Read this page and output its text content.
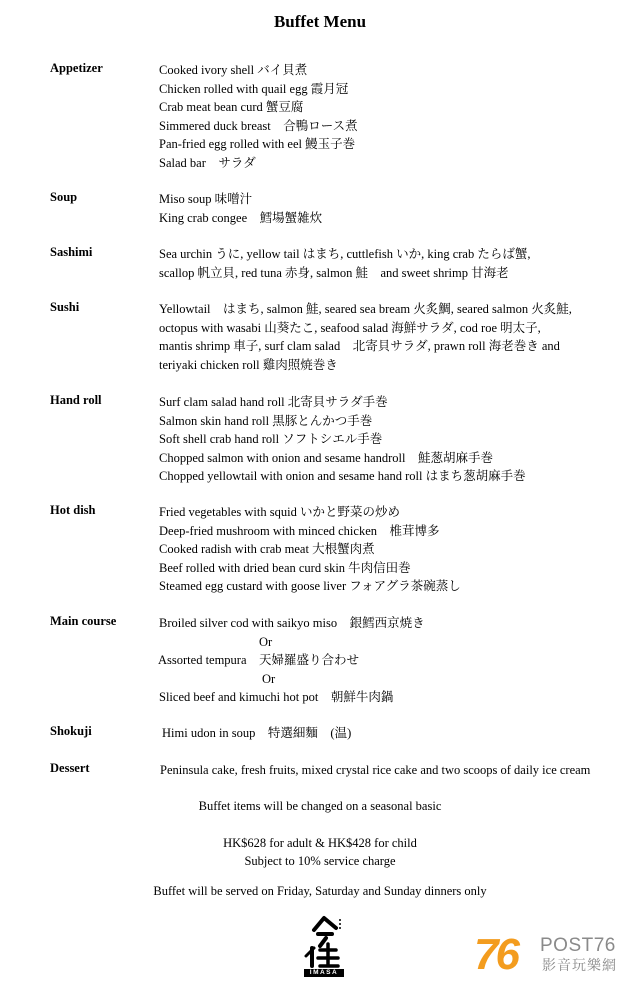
Buffet Menu
Appetizer	Cooked ivory shell バイ貝煮
Chicken rolled with quail egg 霞月冠
Crab meat bean curd 蟹豆腐
Simmered duck breast　合鴨ロース煮
Pan-fried egg rolled with eel 鰻玉子巻
Salad bar　サラダ
Soup	Miso soup 味噌汁
King crab congee　鱈場蟹雑炊
Sashimi	Sea urchin うに, yellow tail はまち, cuttlefish いか, king crab たらば蟹,
scallop 帆立貝, red tuna 赤身, salmon 鮭　and sweet shrimp 甘海老
Sushi	Yellowtail　はまち, salmon 鮭, seared sea bream 火炙鯛, seared salmon 火炙鮭,
octopus with wasabi 山葵たこ, seafood salad 海鮮サラダ, cod roe 明太子,
mantis shrimp 車子, surf clam salad　北寄貝サラダ, prawn roll 海老巻き and
teriyaki chicken roll 雞肉照焼巻き
Hand roll	Surf clam salad hand roll 北寄貝サラダ手巻
Salmon skin hand roll 黒豚とんかつ手巻
Soft shell crab hand roll ソフトシエル手巻
Chopped salmon with onion and sesame handroll　鮭葱胡麻手巻
Chopped yellowtail with onion and sesame hand roll はまち葱胡麻手巻
Hot dish	Fried vegetables with squid いかと野菜の炒め
Deep-fried mushroom with minced chicken　椎茸博多
Cooked radish with crab meat 大根蟹肉煮
Beef rolled with dried bean curd skin 牛肉信田巻
Steamed egg custard with goose liver フォアグラ茶碗蒸し
Main course	Broiled silver cod with saikyo miso　銀鱈西京焼き
Or
Assorted tempura　天婦羅盛り合わせ
Or
Sliced beef and kimuchi hot pot　朝鮮牛肉鍋
Shokuji	Himi udon in soup　特選細麵　(温)
Dessert	Peninsula cake, fresh fruits, mixed crystal rice cake and two scoops of daily ice cream
Buffet items will be changed on a seasonal basic
HK$628 for adult & HK$428 for child
Subject to 10% service charge
Buffet will be served on Friday, Saturday and Sunday dinners only
IMASA	76 POST76
影音玩樂網
